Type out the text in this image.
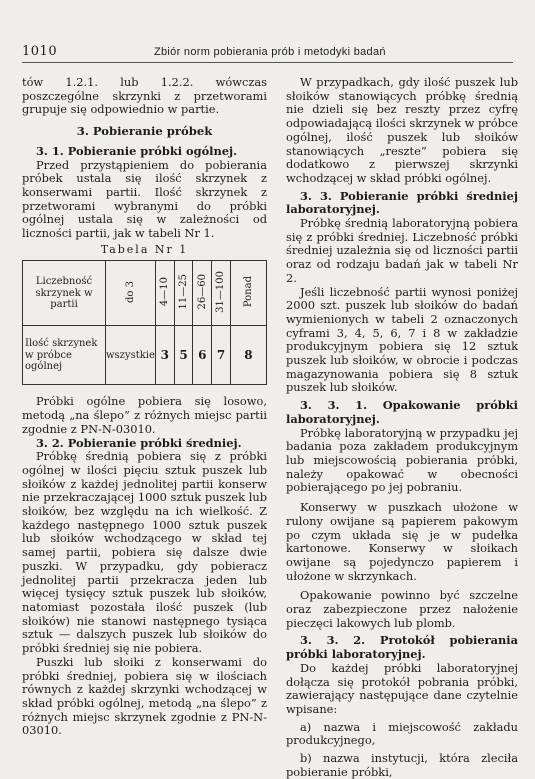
1010	Zbiór norm pobierania prób i metodyki badań

tów 1.2.1. lub 1.2.2. wówczas poszczególne skrzynki z przetworami grupuje się odpowiednio w partie.

3. Pobieranie próbek

3. 1. Pobieranie próbki ogólnej.

Przed przystąpieniem do pobierania próbek ustala się ilość skrzynek z konserwami partii. Ilość skrzynek z przetworami wybranymi do próbki ogólnej ustala się w zależności od liczności partii, jak w tabeli Nr 1.

Tabela Nr 1

Liczebność skrzynek w partii	do 3	4—10	11—25	26—60	31—100	Ponad
Ilość skrzynek w próbce ogólnej	wszystkie	3	5	6	7	8

Próbki ogólne pobiera się losowo, metodą „na ślepo” z różnych miejsc partii zgodnie z PN-N-03010.

3. 2. Pobieranie próbki średniej.

Próbkę średnią pobiera się z próbki ogólnej w ilości pięciu sztuk puszek lub słoików z każdej jednolitej partii konserw nie przekraczającej 1000 sztuk puszek lub słoików, bez względu na ich wielkość. Z każdego następnego 1000 sztuk puszek lub słoików wchodzącego w skład tej samej partii, pobiera się dalsze dwie puszki. W przypadku, gdy pobieracz jednolitej partii przekracza jeden lub więcej tysięcy sztuk puszek lub słoików, natomiast pozostała ilość puszek (lub słoików) nie stanowi następnego tysiąca sztuk — dalszych puszek lub słoików do próbki średniej się nie pobiera.

Puszki lub słoiki z konserwami do próbki średniej, pobiera się w ilościach równych z każdej skrzynki wchodzącej w skład próbki ogólnej, metodą „na ślepo” z różnych miejsc skrzynek zgodnie z PN-N-03010.

W przypadkach, gdy ilość puszek lub słoików stanowiących próbkę średnią nie dzieli się bez reszty przez cyfrę odpowiadającą ilości skrzynek w próbce ogólnej, ilość puszek lub słoików stanowiących „reszte” pobiera się dodatkowo z pierwszej skrzynki wchodzącej w skład próbki ogólnej.

3. 3. Pobieranie próbki średniej laboratoryjnej.

Próbkę średnią laboratoryjną pobiera się z próbki średniej. Liczebność próbki średniej uzależnia się od liczności partii oraz od rodzaju badań jak w tabeli Nr 2.

Jeśli liczebność partii wynosi poniżej 2000 szt. puszek lub słoików do badań wymienionych w tabeli 2 oznaczonych cyframi 3, 4, 5, 6, 7 i 8 w zakładzie produkcyjnym pobiera się 12 sztuk puszek lub słoików, w obrocie i podczas magazynowania pobiera się 8 sztuk puszek lub słoików.

3. 3. 1. Opakowanie próbki laboratoryjnej.

Próbkę laboratoryjną w przypadku jej badania poza zakładem produkcyjnym lub miejscowością pobierania próbki, należy opakować w obecności pobierającego po jej pobraniu.

Konserwy w puszkach ułożone w rulony owijane są papierem pakowym po czym układa się je w pudełka kartonowe. Konserwy w słoikach owijane są pojedynczo papierem i ułożone w skrzynkach.

Opakowanie powinno być szczelne oraz zabezpieczone przez nałożenie pieczęci lakowych lub plomb.

3. 3. 2. Protokół pobierania próbki laboratoryjnej.

Do każdej próbki laboratoryjnej dołącza się protokół pobrania próbki, zawierający następujące dane czytelnie wpisane:

a) nazwa i miejscowość zakładu produkcyjnego,

b) nazwa instytucji, która zleciła pobieranie próbki,
